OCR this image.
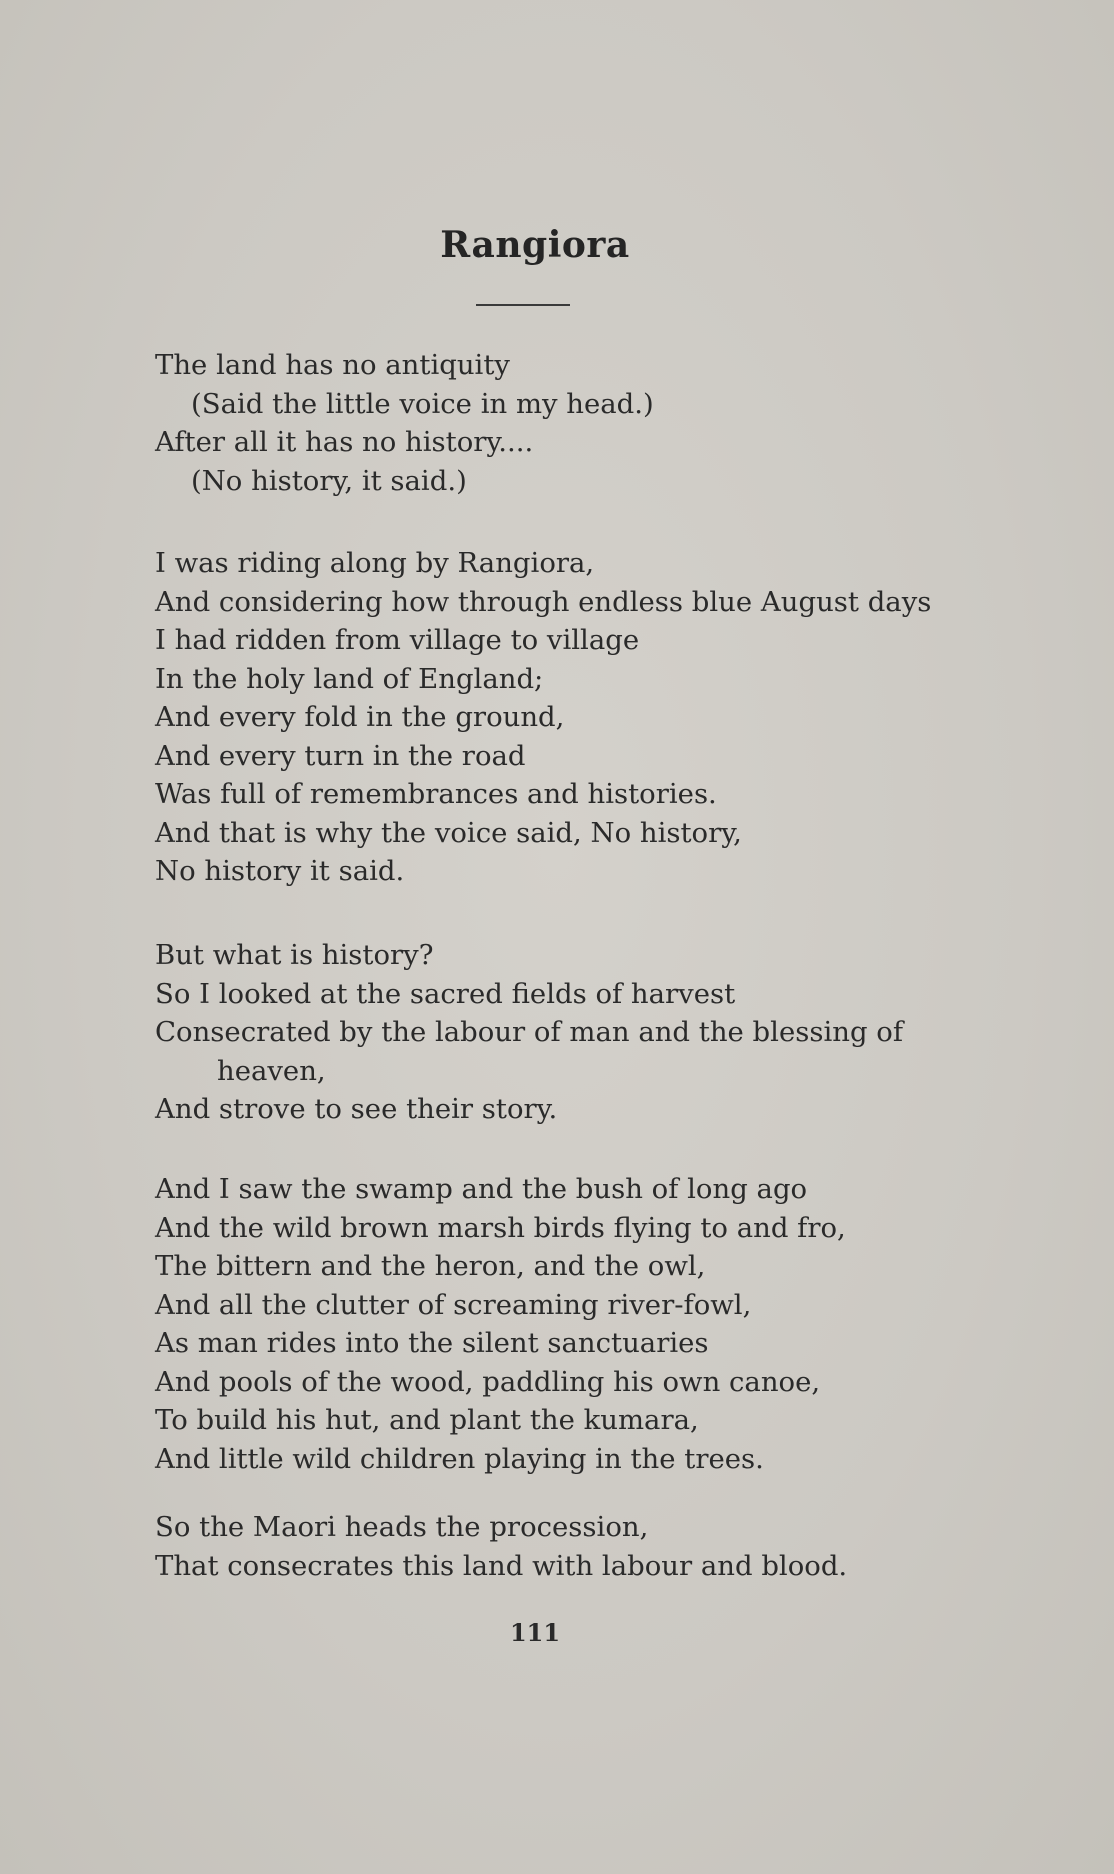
Rangiora
The land has no antiquity
(Said the little voice in my head.)
After all it has no history....
(No history, it said.)
I was riding along by Rangiora,
And considering how through endless blue August days
I had ridden from village to village
In the holy land of England;
And every fold in the ground,
And every turn in the road
Was full of remembrances and histories.
And that is why the voice said, No history,
No history it said.
But what is history?
So I looked at the sacred fields of harvest
Consecrated by the labour of man and the blessing of
heaven,
And strove to see their story.
And I saw the swamp and the bush of long ago
And the wild brown marsh birds flying to and fro,
The bittern and the heron, and the owl,
And all the clutter of screaming river-fowl,
As man rides into the silent sanctuaries
And pools of the wood, paddling his own canoe,
To build his hut, and plant the kumara,
And little wild children playing in the trees.
So the Maori heads the procession,
That consecrates this land with labour and blood.
111
